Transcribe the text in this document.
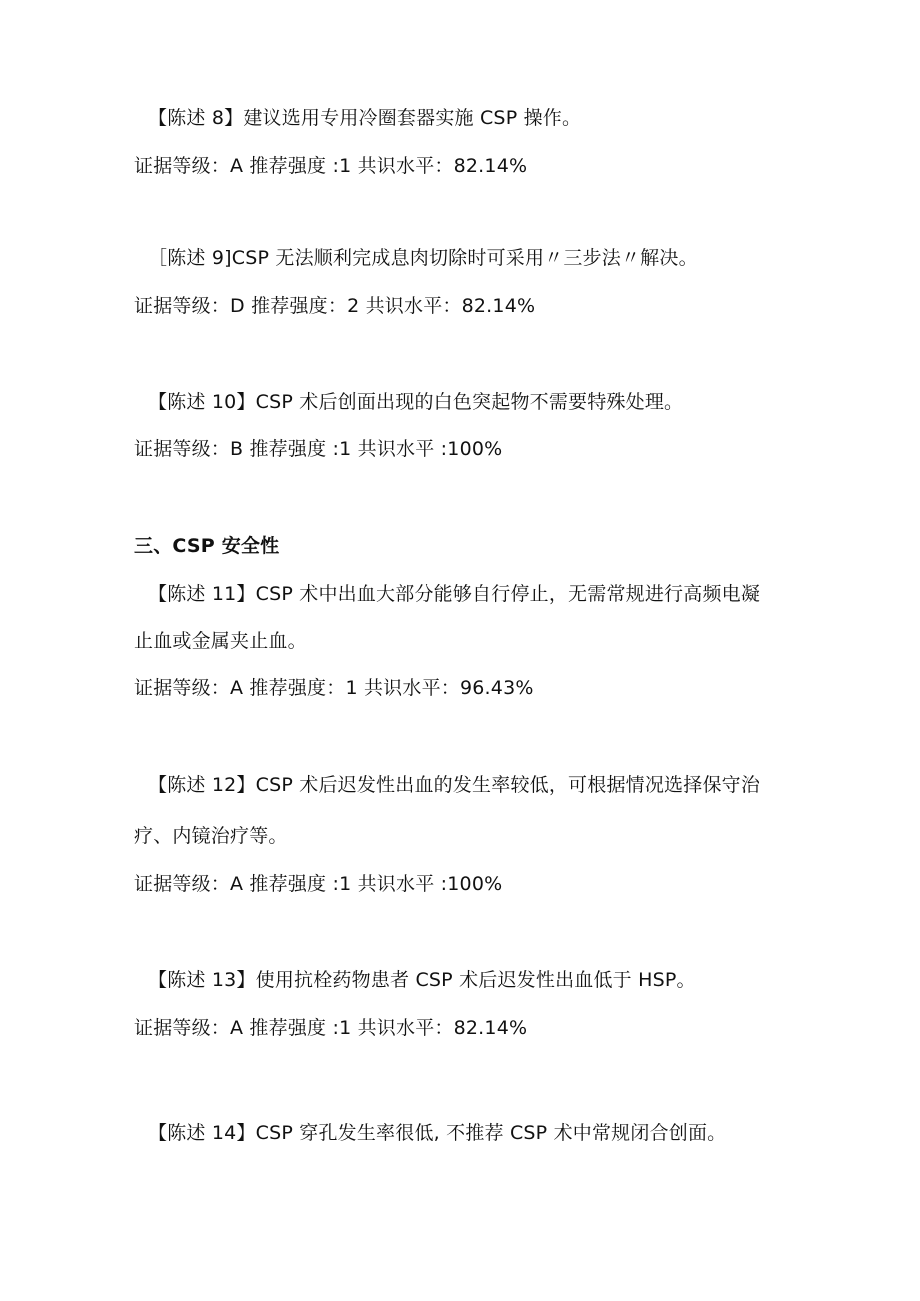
【陈述 8】建议选用专用冷圈套器实施 CSP 操作。
证据等级：A 推荐强度 :1 共识水平：82.14%
［陈述 9]CSP 无法顺利完成息肉切除时可采用〃三步法〃解决。
证据等级：D 推荐强度：2 共识水平：82.14%
【陈述 10】CSP 术后创面出现的白色突起物不需要特殊处理。
证据等级：B 推荐强度 :1 共识水平 :100%
三、CSP 安全性
【陈述 11】CSP 术中出血大部分能够自行停止，无需常规进行高频电凝
止血或金属夹止血。
证据等级：A 推荐强度：1 共识水平：96.43%
【陈述 12】CSP 术后迟发性出血的发生率较低，可根据情况选择保守治
疗、内镜治疗等。
证据等级：A 推荐强度 :1 共识水平 :100%
【陈述 13】使用抗栓药物患者 CSP 术后迟发性出血低于 HSP。
证据等级：A 推荐强度 :1 共识水平：82.14%
【陈述 14】CSP 穿孔发生率很低, 不推荐 CSP 术中常规闭合创面。
